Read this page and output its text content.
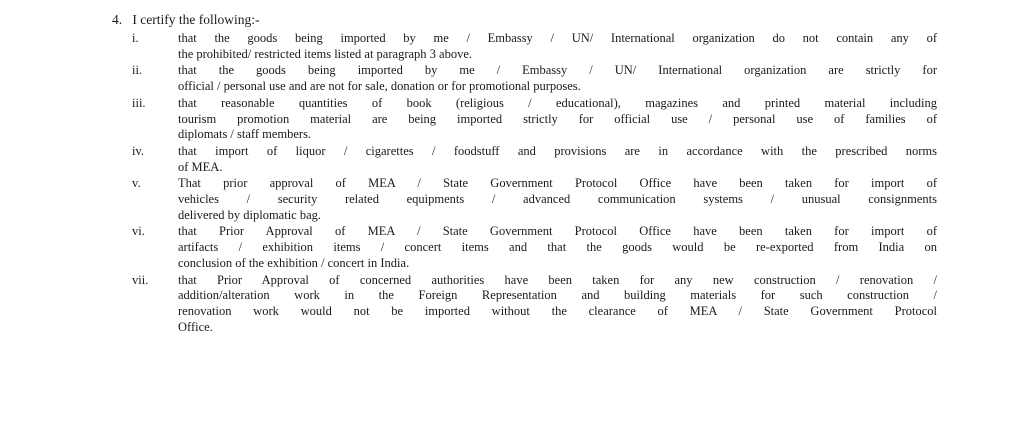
4. I certify the following:-
i.	that the goods being imported by me / Embassy / UN/ International organization do not contain any of
the prohibited/ restricted items listed at paragraph 3 above.
ii.	that the goods being imported by me / Embassy / UN/ International organization are strictly for
official / personal use and are not for sale, donation or for promotional purposes.
iii.	that reasonable quantities of book (religious / educational), magazines and printed material including
tourism promotion material are being imported strictly for official use / personal use of families of
diplomats / staff members.
iv.	that import of liquor / cigarettes / foodstuff and provisions are in accordance with the prescribed norms
of MEA.
v.	That prior approval of MEA / State Government Protocol Office have been taken for import of
vehicles / security related equipments / advanced communication systems / unusual consignments
delivered by diplomatic bag.
vi.	that Prior Approval of MEA / State Government Protocol Office have been taken for import of
artifacts / exhibition items / concert items and that the goods would be re-exported from India on
conclusion of the exhibition / concert in India.
vii.	that Prior Approval of concerned authorities have been taken for any new construction / renovation /
addition/alteration work in the Foreign Representation and building materials for such construction /
renovation work would not be imported without the clearance of MEA / State Government Protocol
Office.
